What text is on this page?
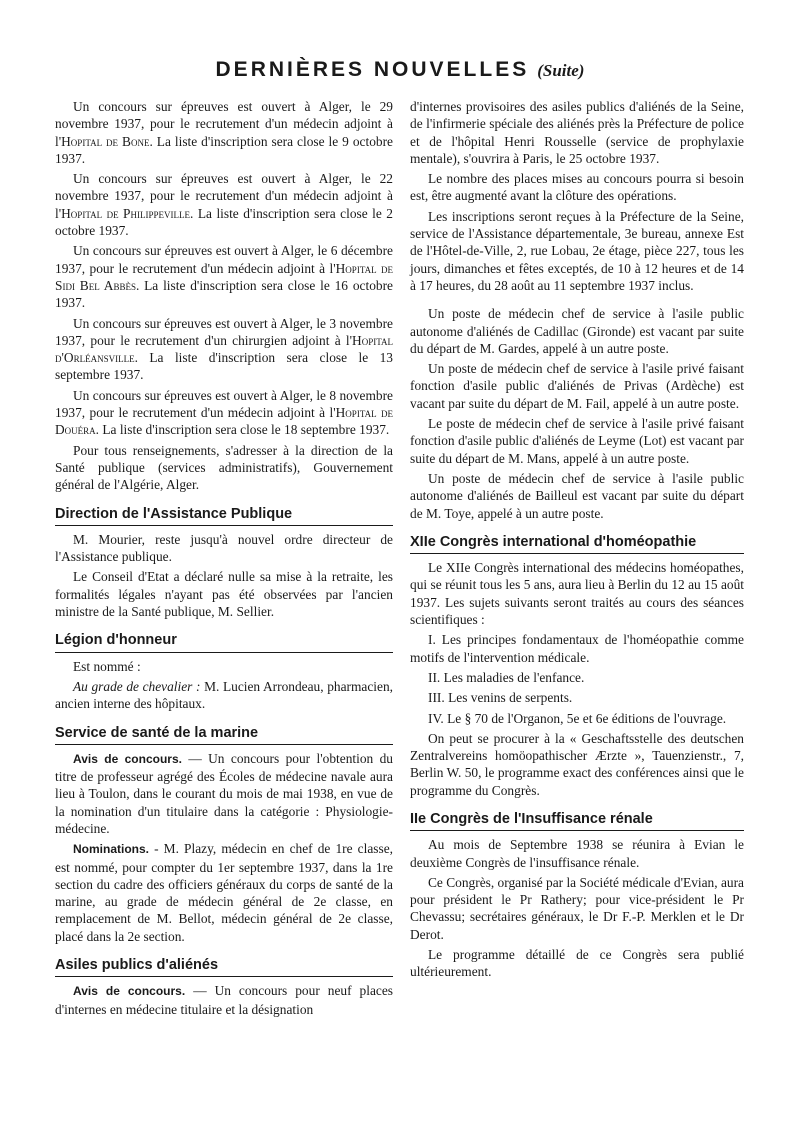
DERNIÈRES NOUVELLES (Suite)

Un concours sur épreuves est ouvert à Alger, le 29 novembre 1937, pour le recrutement d'un médecin adjoint à l'Hopital de Bone. La liste d'inscription sera close le 9 octobre 1937.

Un concours sur épreuves est ouvert à Alger, le 22 novembre 1937, pour le recrutement d'un médecin adjoint à l'Hopital de Philippeville. La liste d'inscription sera close le 2 octobre 1937.

Un concours sur épreuves est ouvert à Alger, le 6 décembre 1937, pour le recrutement d'un médecin adjoint à l'Hopital de Sidi Bel Abbès. La liste d'inscription sera close le 16 octobre 1937.

Un concours sur épreuves est ouvert à Alger, le 3 novembre 1937, pour le recrutement d'un chirurgien adjoint à l'Hopital d'Orléansville. La liste d'inscription sera close le 13 septembre 1937.

Un concours sur épreuves est ouvert à Alger, le 8 novembre 1937, pour le recrutement d'un médecin adjoint à l'Hopital de Douéra. La liste d'inscription sera close le 18 septembre 1937.

Pour tous renseignements, s'adresser à la direction de la Santé publique (services administratifs), Gouvernement général de l'Algérie, Alger.

Direction de l'Assistance Publique

M. Mourier, reste jusqu'à nouvel ordre directeur de l'Assistance publique.

Le Conseil d'Etat a déclaré nulle sa mise à la retraite, les formalités légales n'ayant pas été observées par l'ancien ministre de la Santé publique, M. Sellier.

Légion d'honneur

Est nommé :

Au grade de chevalier : M. Lucien Arrondeau, pharmacien, ancien interne des hôpitaux.

Service de santé de la marine

Avis de concours. — Un concours pour l'obtention du titre de professeur agrégé des Écoles de médecine navale aura lieu à Toulon, dans le courant du mois de mai 1938, en vue de la nomination d'un titulaire dans la catégorie : Physiologie-médecine.

Nominations. - M. Plazy, médecin en chef de 1re classe, est nommé, pour compter du 1er septembre 1937, dans la 1re section du cadre des officiers généraux du corps de santé de la marine, au grade de médecin général de 2e classe, en remplacement de M. Bellot, médecin général de 2e classe, placé dans la 2e section.

Asiles publics d'aliénés

Avis de concours. — Un concours pour neuf places d'internes en médecine titulaire et la désignation

d'internes provisoires des asiles publics d'aliénés de la Seine, de l'infirmerie spéciale des aliénés près la Préfecture de police et de l'hôpital Henri Rousselle (service de prophylaxie mentale), s'ouvrira à Paris, le 25 octobre 1937.

Le nombre des places mises au concours pourra si besoin est, être augmenté avant la clôture des opérations.

Les inscriptions seront reçues à la Préfecture de la Seine, service de l'Assistance départementale, 3e bureau, annexe Est de l'Hôtel-de-Ville, 2, rue Lobau, 2e étage, pièce 227, tous les jours, dimanches et fêtes exceptés, de 10 à 12 heures et de 14 à 17 heures, du 28 août au 11 septembre 1937 inclus.

Un poste de médecin chef de service à l'asile public autonome d'aliénés de Cadillac (Gironde) est vacant par suite du départ de M. Gardes, appelé à un autre poste.

Un poste de médecin chef de service à l'asile privé faisant fonction d'asile public d'aliénés de Privas (Ardèche) est vacant par suite du départ de M. Fail, appelé à un autre poste.

Le poste de médecin chef de service à l'asile privé faisant fonction d'asile public d'aliénés de Leyme (Lot) est vacant par suite du départ de M. Mans, appelé à un autre poste.

Un poste de médecin chef de service à l'asile public autonome d'aliénés de Bailleul est vacant par suite du départ de M. Toye, appelé à un autre poste.

XIIe Congrès international d'homéopathie

Le XIIe Congrès international des médecins homéopathes, qui se réunit tous les 5 ans, aura lieu à Berlin du 12 au 15 août 1937. Les sujets suivants seront traités au cours des séances scientifiques :

I. Les principes fondamentaux de l'homéopathie comme motifs de l'intervention médicale.

II. Les maladies de l'enfance.

III. Les venins de serpents.

IV. Le § 70 de l'Organon, 5e et 6e éditions de l'ouvrage.

On peut se procurer à la « Geschaftsstelle des deutschen Zentralvereins homöopathischer Ærzte », Tauenzienstr., 7, Berlin W. 50, le programme exact des conférences ainsi que le programme du Congrès.

IIe Congrès de l'Insuffisance rénale

Au mois de Septembre 1938 se réunira à Evian le deuxième Congrès de l'insuffisance rénale.

Ce Congrès, organisé par la Société médicale d'Evian, aura pour président le Pr Rathery; pour vice-président le Pr Chevassu; secrétaires généraux, le Dr F.-P. Merklen et le Dr Derot.

Le programme détaillé de ce Congrès sera publié ultérieurement.
